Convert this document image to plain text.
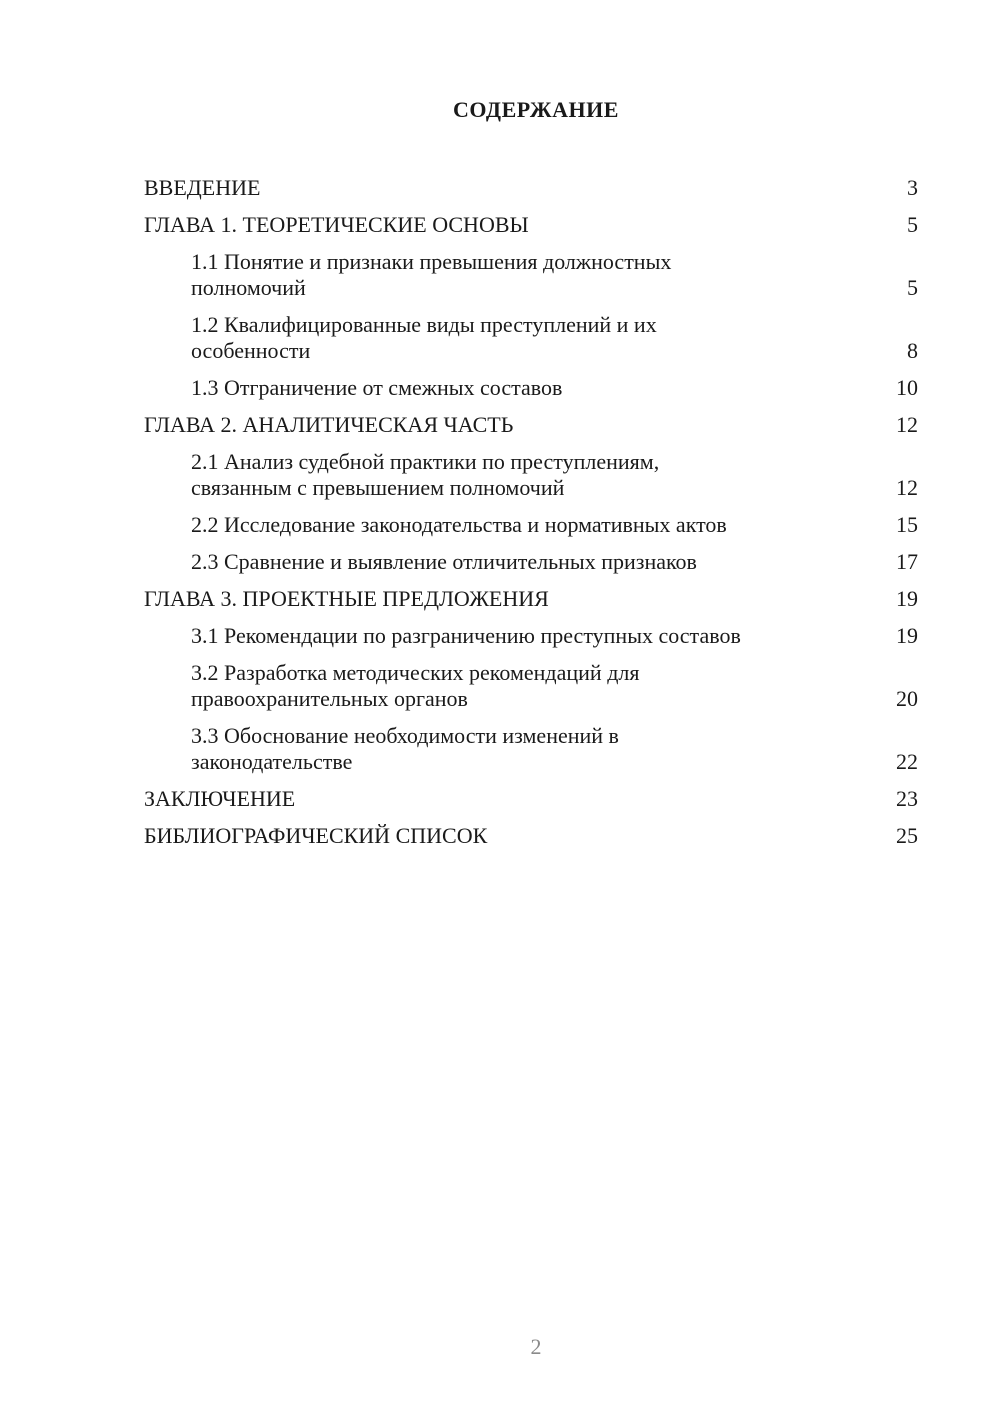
СОДЕРЖАНИЕ
ВВЕДЕНИЕ	3
ГЛАВА 1. ТЕОРЕТИЧЕСКИЕ ОСНОВЫ	5
1.1 Понятие и признаки превышения должностных полномочий	5
1.2 Квалифицированные виды преступлений и их особенности	8
1.3 Отграничение от смежных составов	10
ГЛАВА 2. АНАЛИТИЧЕСКАЯ ЧАСТЬ	12
2.1 Анализ судебной практики по преступлениям, связанным с превышением полномочий	12
2.2 Исследование законодательства и нормативных актов	15
2.3 Сравнение и выявление отличительных признаков	17
ГЛАВА 3. ПРОЕКТНЫЕ ПРЕДЛОЖЕНИЯ	19
3.1 Рекомендации по разграничению преступных составов	19
3.2 Разработка методических рекомендаций для правоохранительных органов	20
3.3 Обоснование необходимости изменений в законодательстве	22
ЗАКЛЮЧЕНИЕ	23
БИБЛИОГРАФИЧЕСКИЙ СПИСОК	25
2
